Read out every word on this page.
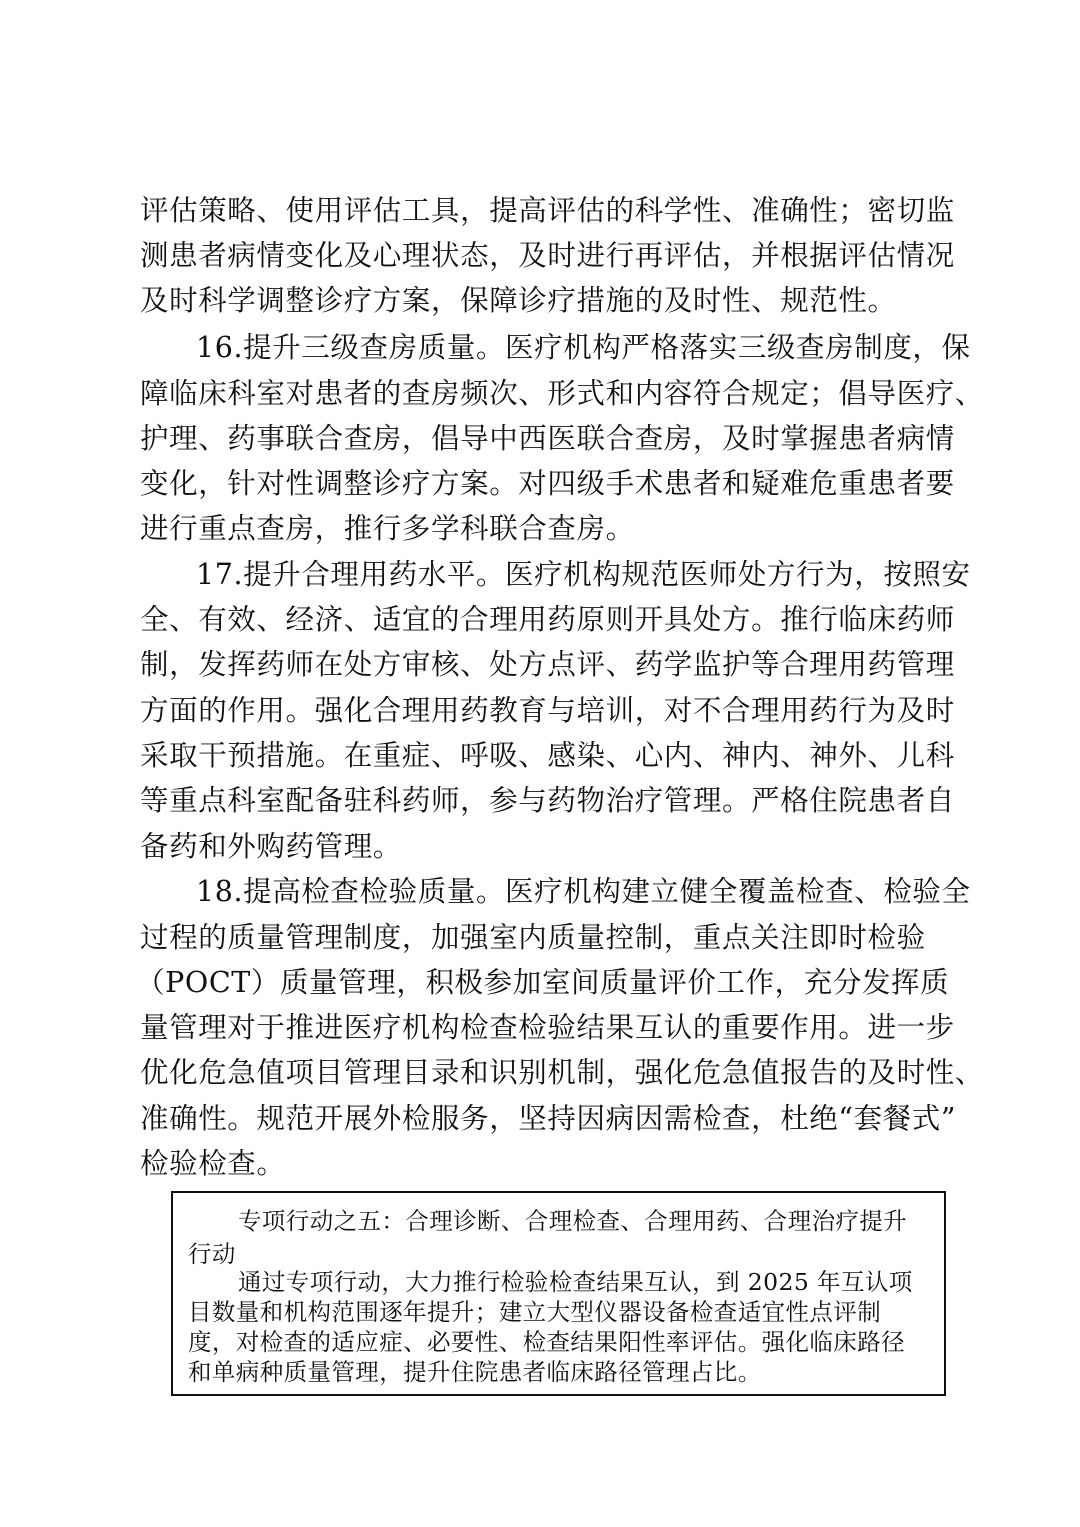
评估策略、使用评估工具，提高评估的科学性、准确性；密切监
测患者病情变化及心理状态，及时进行再评估，并根据评估情况
及时科学调整诊疗方案，保障诊疗措施的及时性、规范性。
16.提升三级查房质量。医疗机构严格落实三级查房制度，保
障临床科室对患者的查房频次、形式和内容符合规定；倡导医疗、
护理、药事联合查房，倡导中西医联合查房，及时掌握患者病情
变化，针对性调整诊疗方案。对四级手术患者和疑难危重患者要
进行重点查房，推行多学科联合查房。
17.提升合理用药水平。医疗机构规范医师处方行为，按照安
全、有效、经济、适宜的合理用药原则开具处方。推行临床药师
制，发挥药师在处方审核、处方点评、药学监护等合理用药管理
方面的作用。强化合理用药教育与培训，对不合理用药行为及时
采取干预措施。在重症、呼吸、感染、心内、神内、神外、儿科
等重点科室配备驻科药师，参与药物治疗管理。严格住院患者自
备药和外购药管理。
18.提高检查检验质量。医疗机构建立健全覆盖检查、检验全
过程的质量管理制度，加强室内质量控制，重点关注即时检验
（POCT）质量管理，积极参加室间质量评价工作，充分发挥质
量管理对于推进医疗机构检查检验结果互认的重要作用。进一步
优化危急值项目管理目录和识别机制，强化危急值报告的及时性、
准确性。规范开展外检服务，坚持因病因需检查，杜绝“套餐式”
检验检查。
专项行动之五：合理诊断、合理检查、合理用药、合理治疗提升
行动
通过专项行动，大力推行检验检查结果互认，到 2025 年互认项
目数量和机构范围逐年提升；建立大型仪器设备检查适宜性点评制
度，对检查的适应症、必要性、检查结果阳性率评估。强化临床路径
和单病种质量管理，提升住院患者临床路径管理占比。
